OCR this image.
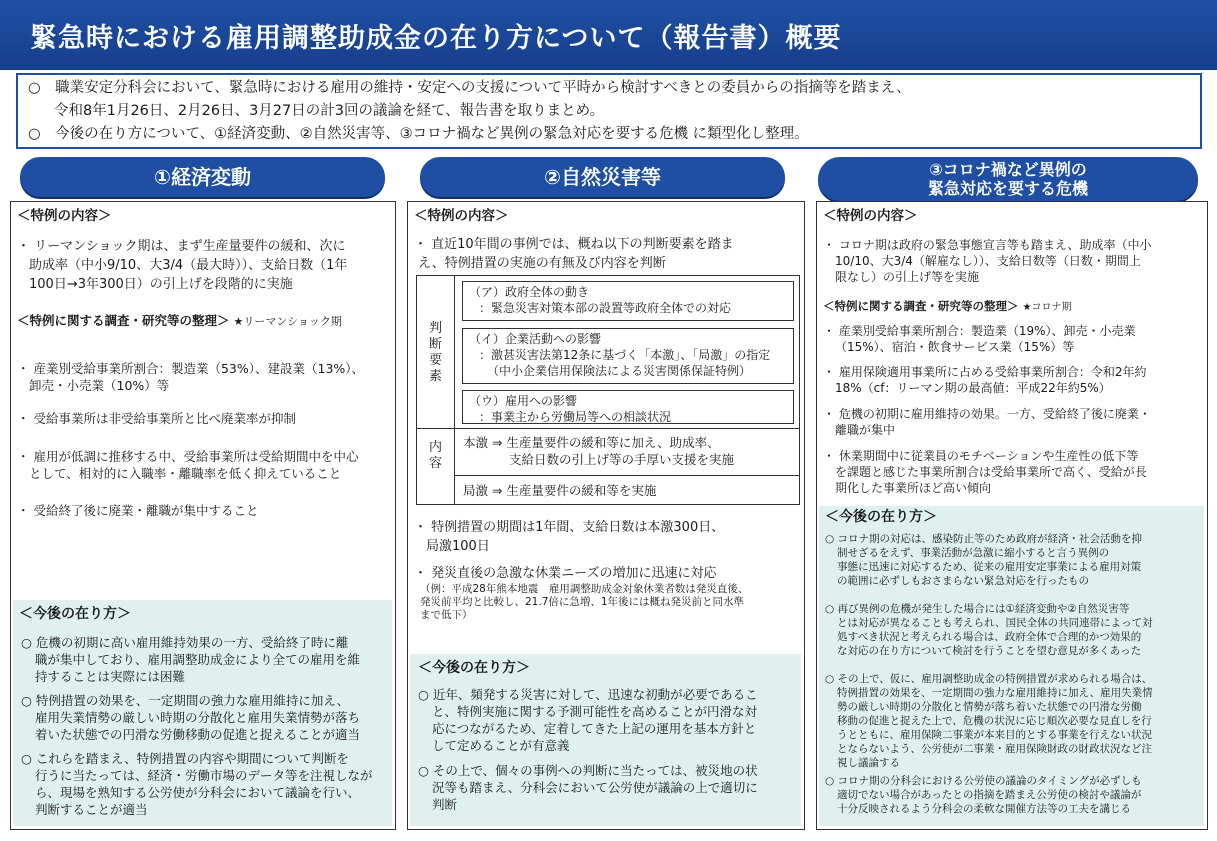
緊急時における雇用調整助成金の在り方について（報告書）概要
○　職業安定分科会において、緊急時における雇用の維持・安定への支援について平時から検討すべきとの委員からの指摘等を踏まえ、
令和8年1月26日、2月26日、3月27日の計3回の議論を経て、報告書を取りまとめ。
○　今後の在り方について、①経済変動、②自然災害等、③コロナ禍など異例の緊急対応を要する危機 に類型化し整理。
①経済変動	②自然災害等	③コロナ禍など異例の
緊急対応を要する危機
＜特例の内容＞
・ リーマンショック期は、まず生産量要件の緩和、次に
助成率（中小9/10、大3/4（最大時））、支給日数（1年
100日→3年300日）の引上げを段階的に実施
＜特例に関する調査・研究等の整理＞ ★リーマンショック期
・ 産業別受給事業所割合：製造業（53%）、建設業（13%）、
卸売・小売業（10%）等
・ 受給事業所は非受給事業所と比べ廃業率が抑制
・ 雇用が低調に推移する中、受給事業所は受給期間中を中心
として、相対的に入職率・離職率を低く抑えていること
・ 受給終了後に廃業・離職が集中すること

＜今後の在り方＞

○ 危機の初期に高い雇用維持効果の一方、受給終了時に離
職が集中しており、雇用調整助成金により全ての雇用を維
持することは実際には困難

○ 特例措置の効果を、一定期間の強力な雇用維持に加え、
雇用失業情勢の厳しい時期の分散化と雇用失業情勢が落ち
着いた状態での円滑な労働移動の促進と捉えることが適当

○ これらを踏まえ、特例措置の内容や期間について判断を
行うに当たっては、経済・労働市場のデータ等を注視しなが
ら、現場を熟知する公労使が分科会において議論を行い、
判断することが適当

＜特例の内容＞
・ 直近10年間の事例では、概ね以下の判断要素を踏ま
え、特例措置の実施の有無及び内容を判断
判断要素
（ア）政府全体の動き
：緊急災害対策本部の設置等政府全体での対応
（イ）企業活動への影響
：激甚災害法第12条に基づく「本激」、「局激」の指定
（中小企業信用保険法による災害関係保証特例）
（ウ）雇用への影響
：事業主から労働局等への相談状況
内容
本激 ⇒ 生産量要件の緩和等に加え、助成率、
支給日数の引上げ等の手厚い支援を実施
局激 ⇒ 生産量要件の緩和等を実施
・ 特例措置の期間は1年間、支給日数は本激300日、
局激100日
・ 発災直後の急激な休業ニーズの増加に迅速に対応
（例：平成28年熊本地震　雇用調整助成金対象休業者数は発災直後、
発災前平均と比較し、21.7倍に急増、1年後には概ね発災前と同水準
まで低下）

＜今後の在り方＞

○ 近年、頻発する災害に対して、迅速な初動が必要であるこ
と、特例実施に関する予測可能性を高めることが円滑な対
応につながるため、定着してきた上記の運用を基本方針と
して定めることが有意義

○ その上で、個々の事例への判断に当たっては、被災地の状
況等も踏まえ、分科会において公労使が議論の上で適切に
判断

＜特例の内容＞
・ コロナ期は政府の緊急事態宣言等も踏まえ、助成率（中小
10/10、大3/4（解雇なし））、支給日数等（日数・期間上
限なし）の引上げ等を実施
＜特例に関する調査・研究等の整理＞ ★コロナ期
・ 産業別受給事業所割合：製造業（19%）、卸売・小売業
（15%）、宿泊・飲食サービス業（15%）等
・ 雇用保険適用事業所に占める受給事業所割合：令和2年約
18%（cf：リーマン期の最高値：平成22年約5%）
・ 危機の初期に雇用維持の効果。一方、受給終了後に廃業・
離職が集中
・ 休業期間中に従業員のモチベーションや生産性の低下等
を課題と感じた事業所割合は受給事業所で高く、受給が長
期化した事業所ほど高い傾向

＜今後の在り方＞

○ コロナ期の対応は、感染防止等のため政府が経済・社会活動を抑
制せざるをえず、事業活動が急激に縮小すると言う異例の
事態に迅速に対応するため、従来の雇用安定事業による雇用対策
の範囲に必ずしもおさまらない緊急対応を行ったもの

○ 再び異例の危機が発生した場合には①経済変動や②自然災害等
とは対応が異なることも考えられ、国民全体の共同連帯によって対
処すべき状況と考えられる場合は、政府全体で合理的かつ効果的
な対応の在り方について検討を行うことを望む意見が多くあった

○ その上で、仮に、雇用調整助成金の特例措置が求められる場合は、
特例措置の効果を、一定期間の強力な雇用維持に加え、雇用失業情
勢の厳しい時期の分散化と情勢が落ち着いた状態での円滑な労働
移動の促進と捉えた上で、危機の状況に応じ順次必要な見直しを行
うとともに、雇用保険二事業が本来目的とする事業を行えない状況
とならないよう、公労使が二事業・雇用保険財政の財政状況など注
視し議論する

○ コロナ期の分科会における公労使の議論のタイミングが必ずしも
適切でない場合があったとの指摘を踏まえ公労使の検討や議論が
十分反映されるよう分科会の柔軟な開催方法等の工夫を講じる
